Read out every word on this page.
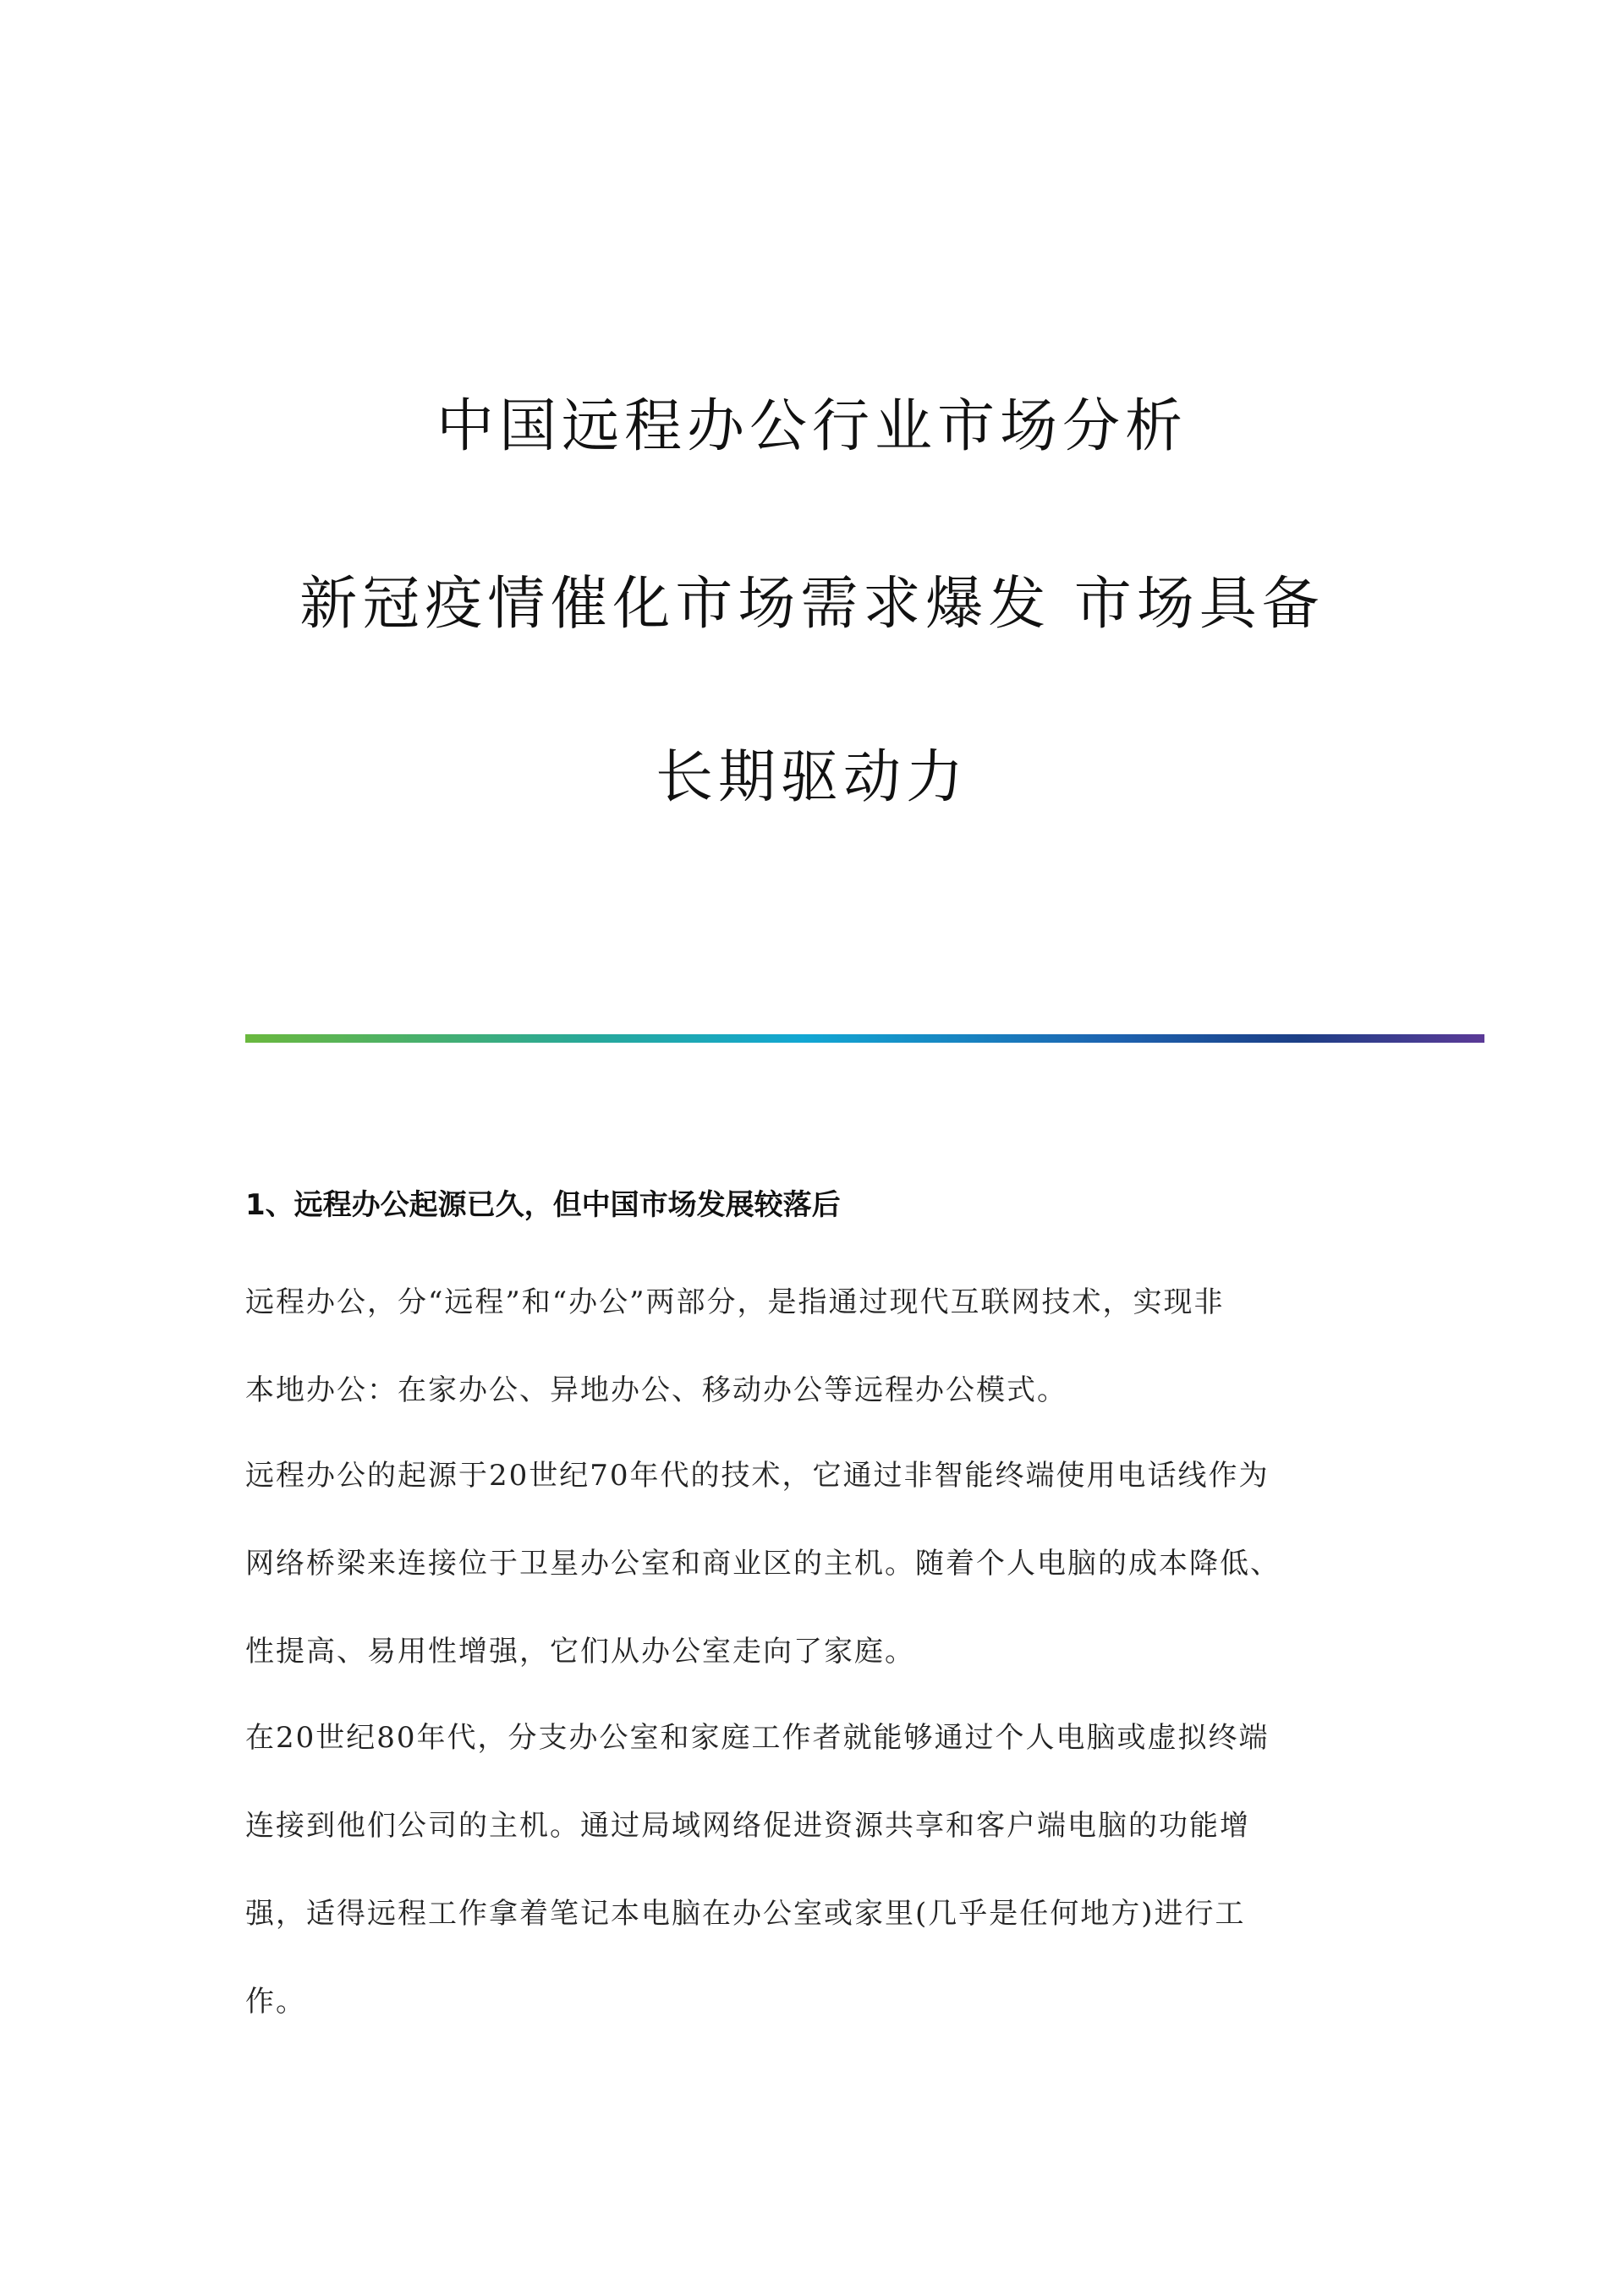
中国远程办公行业市场分析
新冠疫情催化市场需求爆发 市场具备
长期驱动力
1、远程办公起源已久，但中国市场发展较落后
远程办公，分“远程”和“办公”两部分，是指通过现代互联网技术，实现非
本地办公：在家办公、异地办公、移动办公等远程办公模式。
远程办公的起源于20世纪70年代的技术，它通过非智能终端使用电话线作为
网络桥梁来连接位于卫星办公室和商业区的主机。随着个人电脑的成本降低、
性提高、易用性增强，它们从办公室走向了家庭。
在20世纪80年代，分支办公室和家庭工作者就能够通过个人电脑或虚拟终端
连接到他们公司的主机。通过局域网络促进资源共享和客户端电脑的功能增
强，适得远程工作拿着笔记本电脑在办公室或家里(几乎是任何地方)进行工
作。
